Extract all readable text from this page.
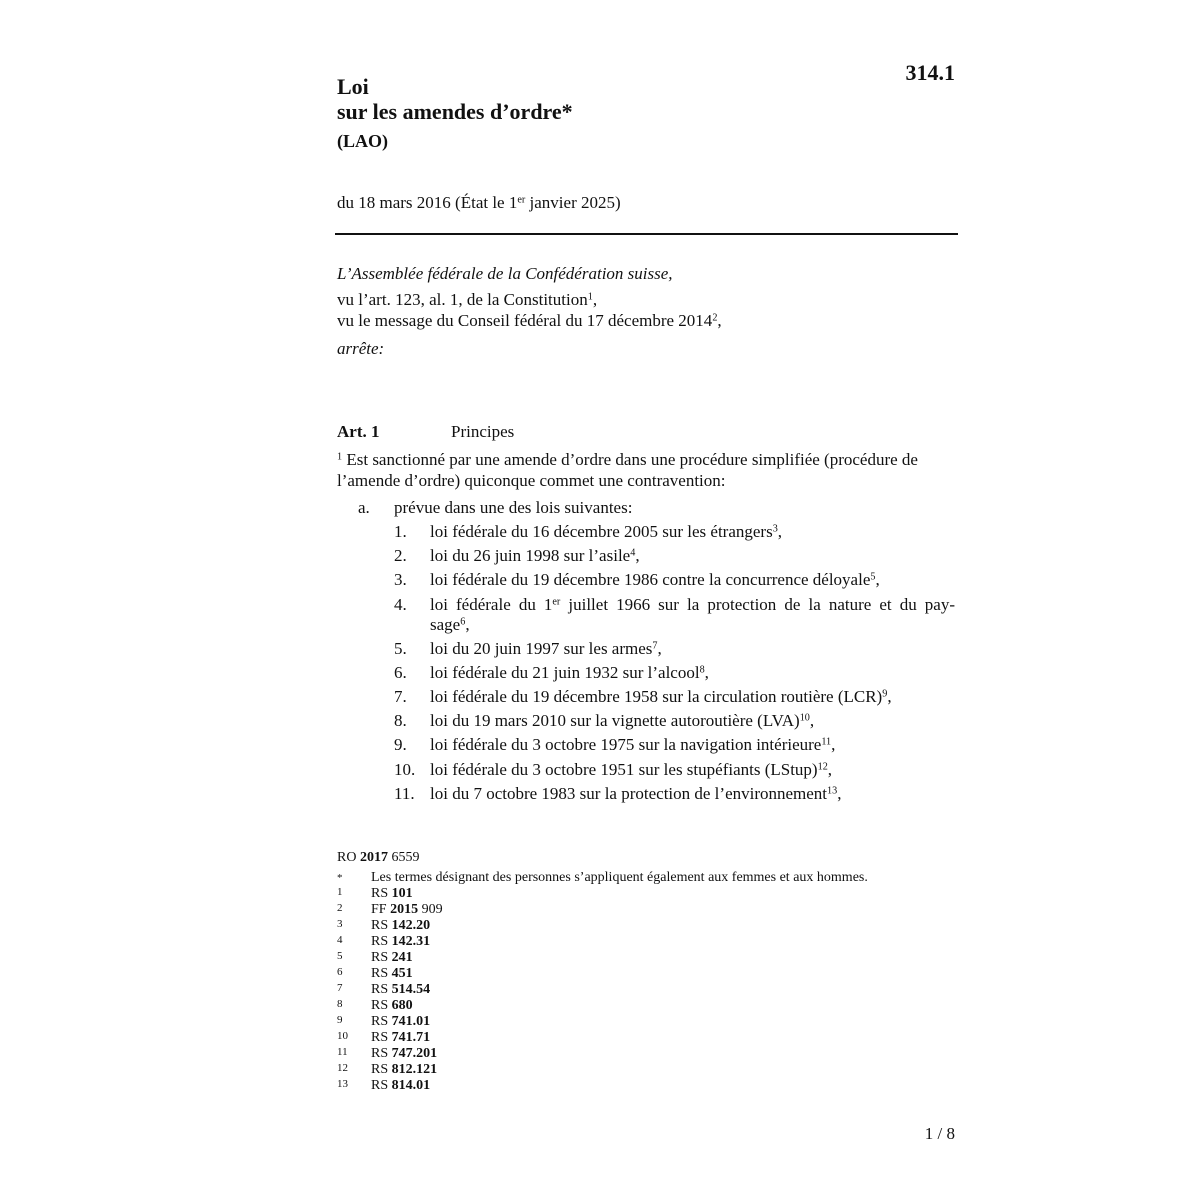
314.1
Loi
sur les amendes d’ordre*
(LAO)
du 18 mars 2016 (État le 1er janvier 2025)
L’Assemblée fédérale de la Confédération suisse,
vu l’art. 123, al. 1, de la Constitution$^1$,
vu le message du Conseil fédéral du 17 décembre 2014$^2$,
arrête:
Art. 1	Principes
$^1$ Est sanctionné par une amende d’ordre dans une procédure simplifiée (procédure de
l’amende d’ordre) quiconque commet une contravention:
a. prévue dans une des lois suivantes:
1. loi fédérale du 16 décembre 2005 sur les étrangers$^3$,
2. loi du 26 juin 1998 sur l’asile$^4$,
3. loi fédérale du 19 décembre 1986 contre la concurrence déloyale$^5$,
4. loi fédérale du 1er juillet 1966 sur la protection de la nature et du pay-
sage$^6$,
5. loi du 20 juin 1997 sur les armes$^7$,
6. loi fédérale du 21 juin 1932 sur l’alcool$^8$,
7. loi fédérale du 19 décembre 1958 sur la circulation routière (LCR)$^9$,
8. loi du 19 mars 2010 sur la vignette autoroutière (LVA)$^{10}$,
9. loi fédérale du 3 octobre 1975 sur la navigation intérieure$^{11}$,
10. loi fédérale du 3 octobre 1951 sur les stupéfiants (LStup)$^{12}$,
11. loi du 7 octobre 1983 sur la protection de l’environnement$^{13}$,
RO 2017 6559
* Les termes désignant des personnes s’appliquent également aux femmes et aux hommes.
1 RS 101
2 FF 2015 909
3 RS 142.20
4 RS 142.31
5 RS 241
6 RS 451
7 RS 514.54
8 RS 680
9 RS 741.01
10 RS 741.71
11 RS 747.201
12 RS 812.121
13 RS 814.01
1 / 8
